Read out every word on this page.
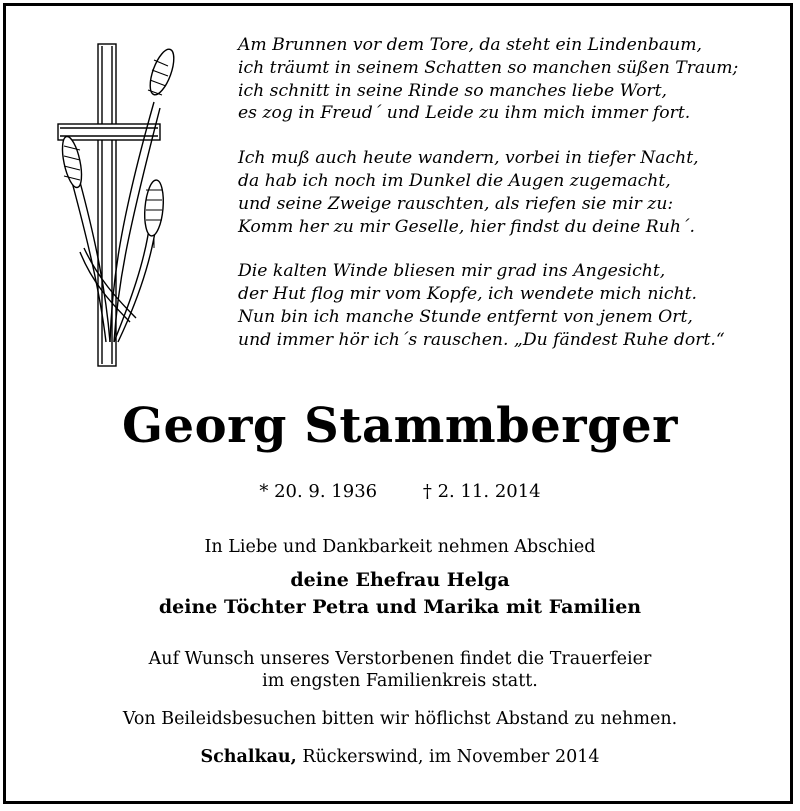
Am Brunnen vor dem Tore, da steht ein Lindenbaum,
ich träumt in seinem Schatten so manchen süßen Traum;
ich schnitt in seine Rinde so manches liebe Wort,
es zog in Freud´ und Leide zu ihm mich immer fort.
Ich muß auch heute wandern, vorbei in tiefer Nacht,
da hab ich noch im Dunkel die Augen zugemacht,
und seine Zweige rauschten, als riefen sie mir zu:
Komm her zu mir Geselle, hier findst du deine Ruh´.
Die kalten Winde bliesen mir grad ins Angesicht,
der Hut flog mir vom Kopfe, ich wendete mich nicht.
Nun bin ich manche Stunde entfernt von jenem Ort,
und immer hör ich´s rauschen. „Du fändest Ruhe dort.“
Georg Stammberger
* 20. 9. 1936	† 2. 11. 2014
In Liebe und Dankbarkeit nehmen Abschied
deine Ehefrau Helga
deine Töchter Petra und Marika mit Familien
Auf Wunsch unseres Verstorbenen findet die Trauerfeier
im engsten Familienkreis statt.
Von Beileidsbesuchen bitten wir höflichst Abstand zu nehmen.
Schalkau, Rückerswind, im November 2014
